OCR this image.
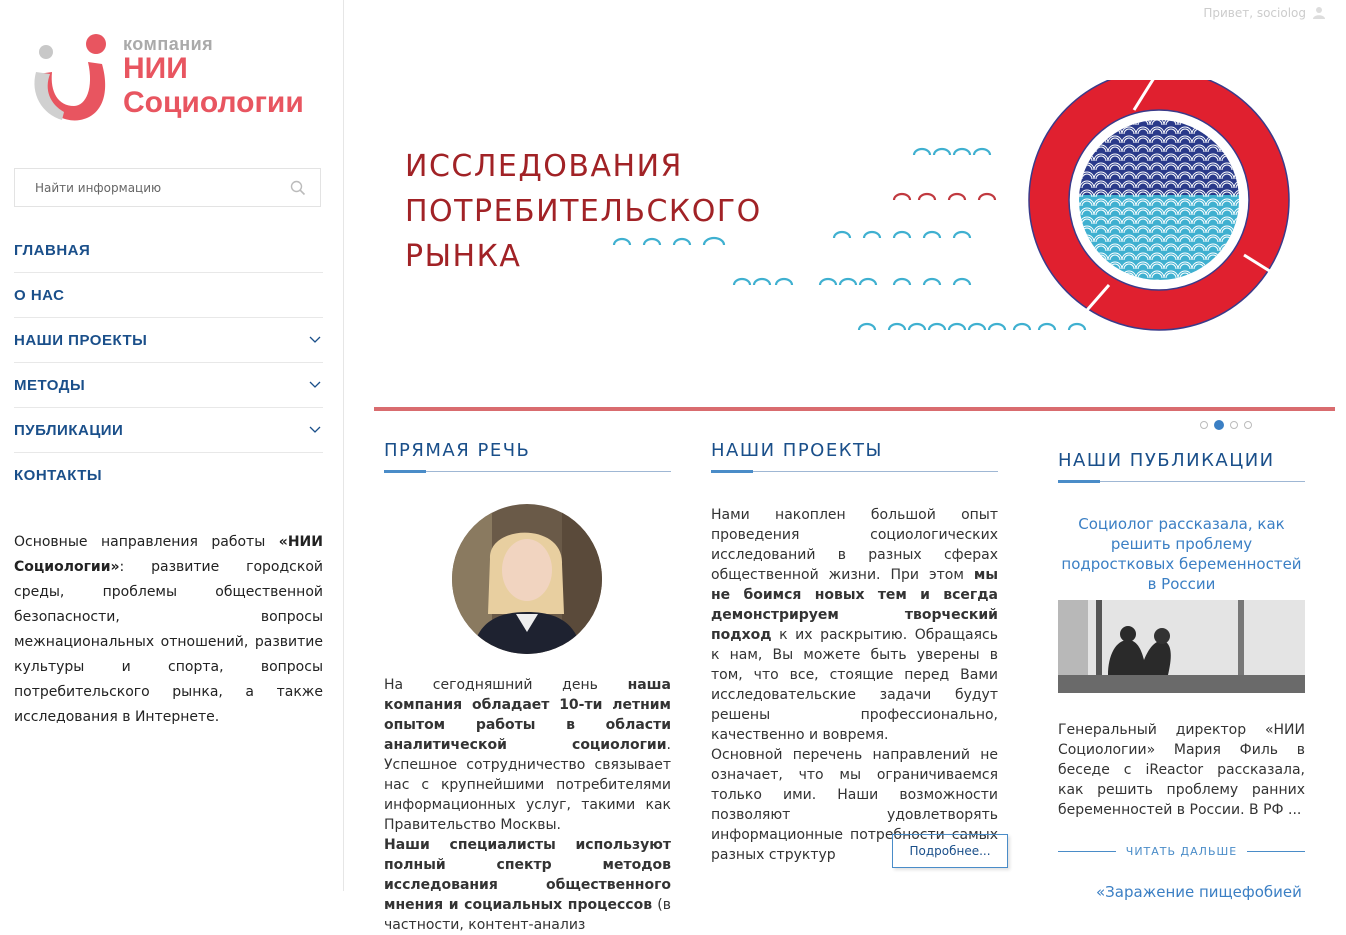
компания
НИИ
Социологии
Найти информацию
ГЛАВНАЯ
О НАС
НАШИ ПРОЕКТЫ
МЕТОДЫ
ПУБЛИКАЦИИ
КОНТАКТЫ
Основные направления работы «НИИ Социологии»: развитие городской среды, проблемы общественной безопасности, вопросы межнациональных отношений, развитие культуры и спорта, вопросы потребительского рынка, а также исследования в Интернете.
Привет, sociolog
ИССЛЕДОВАНИЯ
ПОТРЕБИТЕЛЬСКОГО
РЫНКА
ПРЯМАЯ РЕЧЬ
На сегодняшний день наша компания обладает 10-ти летним опытом работы в области аналитической социологии. Успешное сотрудничество связывает нас с крупнейшими потребителями информационных услуг, такими как Правительство Москвы.
Наши специалисты используют полный спектр методов исследования общественного мнения и социальных процессов (в частности, контент-анализ
НАШИ ПРОЕКТЫ
Нами накоплен большой опыт проведения социологических исследований в разных сферах общественной жизни. При этом мы не боимся новых тем и всегда демонстрируем творческий подход к их раскрытию. Обращаясь к нам, Вы можете быть уверены в том, что все, стоящие перед Вами исследовательские задачи будут решены профессионально, качественно и вовремя.
Основной перечень направлений не означает, что мы ограничиваемся только ими. Наши возможности позволяют удовлетворять информационные потребности самых разных структур	Подробнее...
НАШИ ПУБЛИКАЦИИ
Социолог рассказала, как решить проблему подростковых беременностей в России
Генеральный директор «НИИ Социологии» Мария Филь в беседе с iReactor рассказала, как решить проблему ранних беременностей в России. В РФ ...
ЧИТАТЬ ДАЛЬШЕ
«Заражение пищефобией
